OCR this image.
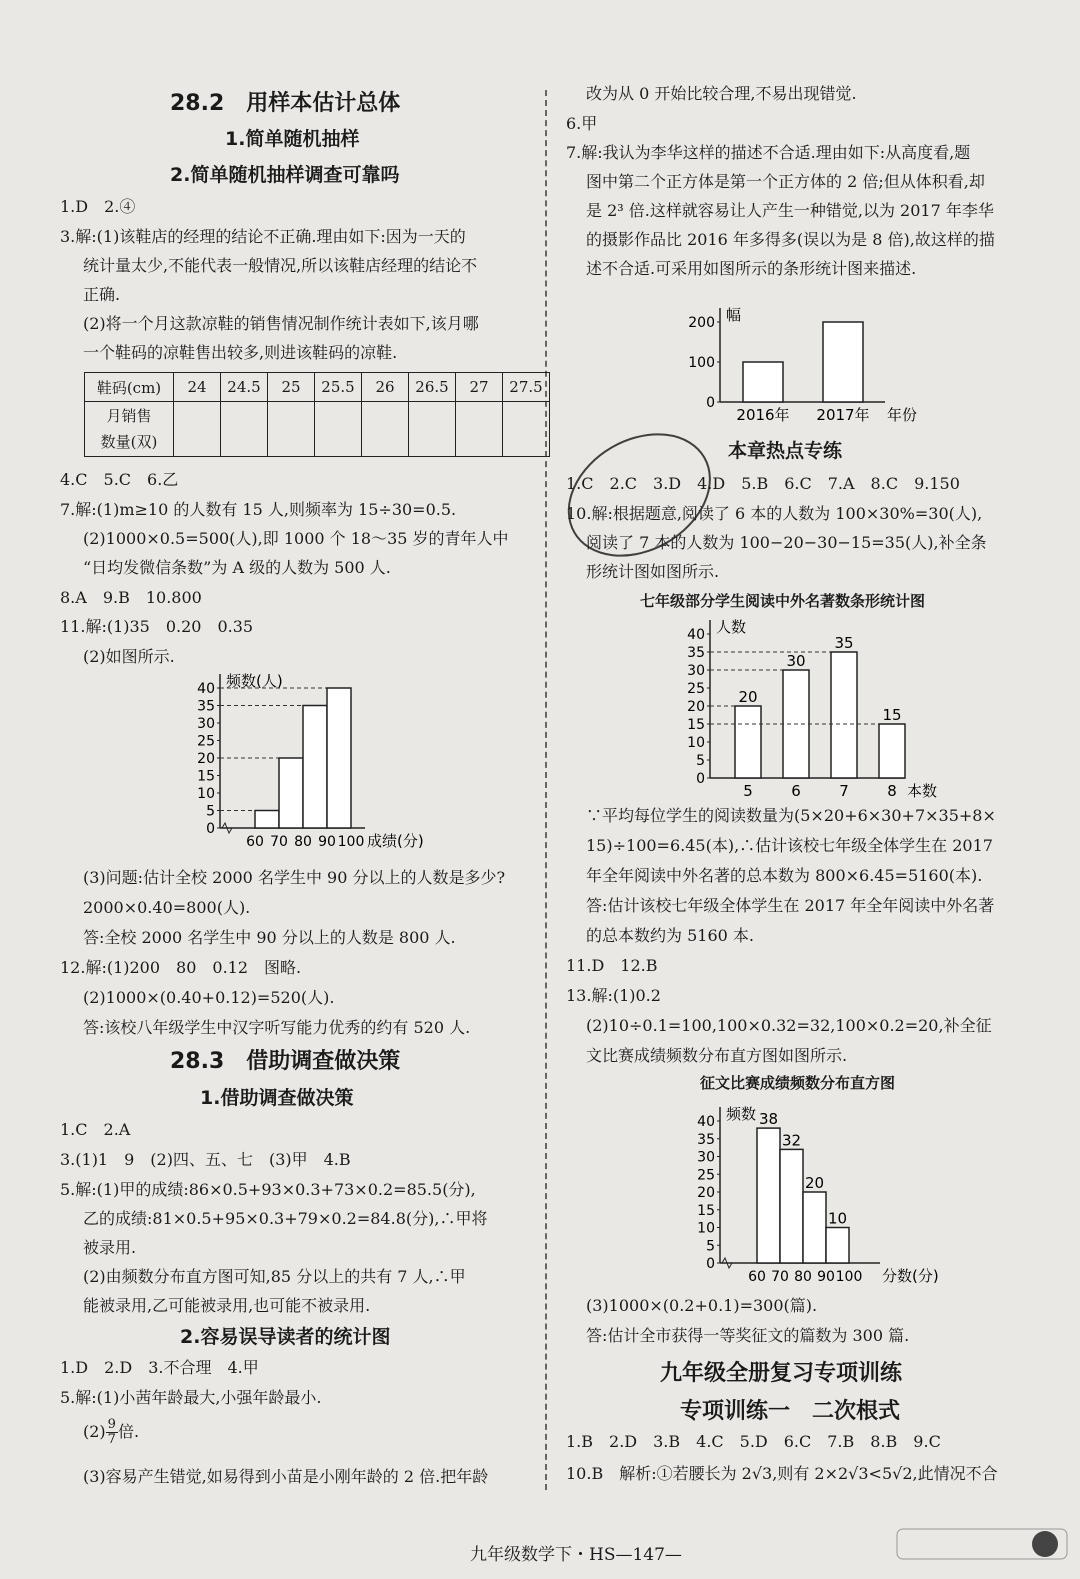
28.2　用样本估计总体
1.简单随机抽样
2.简单随机抽样调查可靠吗

1.D　2.④

3.解:(1)该鞋店的经理的结论不正确.理由如下:因为一天的

统计量太少,不能代表一般情况,所以该鞋店经理的结论不

正确.

(2)将一个月这款凉鞋的销售情况制作统计表如下,该月哪

一个鞋码的凉鞋售出较多,则进该鞋码的凉鞋.

鞋码(cm)	24	24.5	25	25.5	26	26.5	27	27.5
月销售
数量(双)								

4.C　5.C　6.乙

7.解:(1)m≥10 的人数有 15 人,则频率为 15÷30=0.5.

(2)1000×0.5=500(人),即 1000 个 18～35 岁的青年人中

“日均发微信条数”为 A 级的人数为 500 人.

8.A　9.B　10.800

11.解:(1)35　0.20　0.35

(2)如图所示.

频数(人)
成绩(分)
0
5
10
15
20
25
30
35
40
60 70 80 90 100

(3)问题:估计全校 2000 名学生中 90 分以上的人数是多少?

2000×0.40=800(人).

答:全校 2000 名学生中 90 分以上的人数是 800 人.

12.解:(1)200　80　0.12　图略.

(2)1000×(0.40+0.12)=520(人).

答:该校八年级学生中汉字听写能力优秀的约有 520 人.

28.3　借助调查做决策
1.借助调查做决策

1.C　2.A

3.(1)1　9　(2)四、五、七　(3)甲　4.B

5.解:(1)甲的成绩:86×0.5+93×0.3+73×0.2=85.5(分),

乙的成绩:81×0.5+95×0.3+79×0.2=84.8(分),∴甲将

被录用.

(2)由频数分布直方图可知,85 分以上的共有 7 人,∴甲

能被录用,乙可能被录用,也可能不被录用.

2.容易误导读者的统计图

1.D　2.D　3.不合理　4.甲

5.解:(1)小茜年龄最大,小强年龄最小.

$(2) \frac{9}{7}$ 倍.

(3)容易产生错觉,如易得到小苗是小刚年龄的 2 倍.把年龄

改为从 0 开始比较合理,不易出现错觉.

6.甲

7.解:我认为李华这样的描述不合适.理由如下:从高度看,题

图中第二个正方体是第一个正方体的 2 倍;但从体积看,却

是 2³ 倍.这样就容易让人产生一种错觉,以为 2017 年李华

的摄影作品比 2016 年多得多(误以为是 8 倍),故这样的描

述不合适.可采用如图所示的条形统计图来描述.

幅
年份
0
100
200
2016年 2017年
本章热点专练

1.C　2.C　3.D　4.D　5.B　6.C　7.A　8.C　9.150

10.解:根据题意,阅读了 6 本的人数为 100×30%=30(人),

阅读了 7 本的人数为 100−20−30−15=35(人),补全条

形统计图如图所示.

七年级部分学生阅读中外名著数条形统计图
人数
本数
0
5
10
15
20
25
30
35
40
20
5
30
6
35
7
15
8

∵平均每位学生的阅读数量为(5×20+6×30+7×35+8×

15)÷100=6.45(本),∴估计该校七年级全体学生在 2017

年全年阅读中外名著的总本数为 800×6.45=5160(本).

答:估计该校七年级全体学生在 2017 年全年阅读中外名著

的总本数约为 5160 本.

11.D　12.B

13.解:(1)0.2

(2)10÷0.1=100,100×0.32=32,100×0.2=20,补全征

文比赛成绩频数分布直方图如图所示.

征文比赛成绩频数分布直方图
频数
分数(分)
0
5
10
15
20
25
30
35
40	38
32
20
10
60 70 80 90 100

(3)1000×(0.2+0.1)=300(篇).

答:估计全市获得一等奖征文的篇数为 300 篇.

九年级全册复习专项训练
专项训练一　二次根式

1.B　2.D　3.B　4.C　5.D　6.C　7.B　8.B　9.C

10.B　解析:①若腰长为 2√3,则有 2×2√3<5√2,此情况不合

九年级数学下・HS—147—
